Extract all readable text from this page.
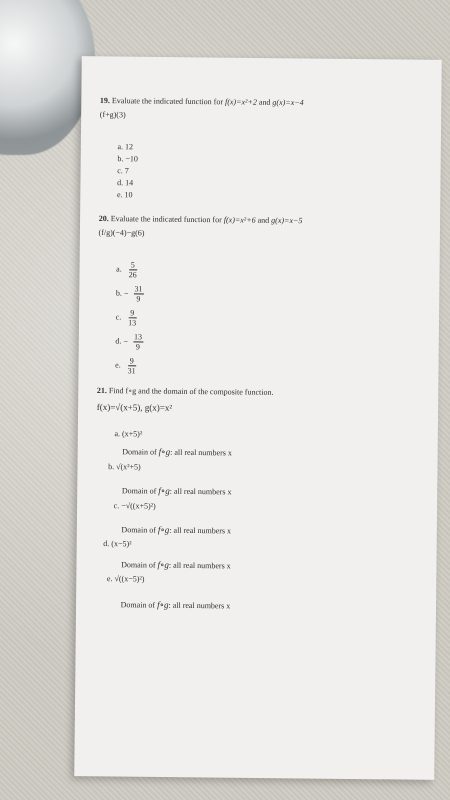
19. Evaluate the indicated function for f(x)=x²+2 and g(x)=x−4
(f+g)(3)
a. 12
b. −10
c. 7
d. 14
e. 10
20. Evaluate the indicated function for f(x)=x²+6 and g(x)=x−5
(f/g)(−4)−g(6)
a. $\frac{5}{26}$
b. − $\frac{31}{9}$
c. $\frac{9}{13}$
d. − $\frac{13}{9}$
e. $\frac{9}{31}$
21. Find f∘g and the domain of the composite function.
f(x)=√(x+5), g(x)=x²
a. (x+5)²
Domain of f∘g: all real numbers x
b. √(x²+5)
Domain of f∘g: all real numbers x
c. −√((x+5)²)
Domain of f∘g: all real numbers x
d. (x−5)²
Domain of f∘g: all real numbers x
e. √((x−5)²)
Domain of f∘g: all real numbers x
